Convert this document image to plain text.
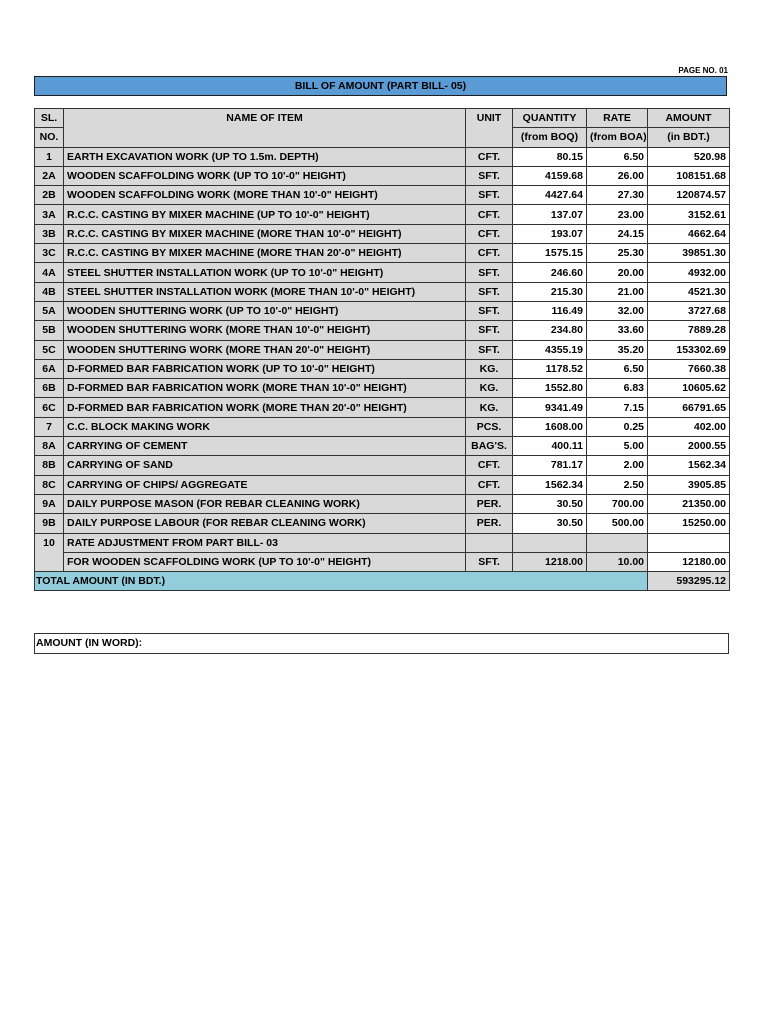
PAGE NO. 01
BILL OF AMOUNT (PART BILL- 05)
SL.	NAME OF ITEM	UNIT	QUANTITY	RATE	AMOUNT
NO.			(from BOQ)	(from BOA)	(in BDT.)
1	EARTH EXCAVATION WORK (UP TO 1.5m. DEPTH)	CFT.	80.15	6.50	520.98
2A	WOODEN SCAFFOLDING WORK (UP TO 10'-0" HEIGHT)	SFT.	4159.68	26.00	108151.68
2B	WOODEN SCAFFOLDING WORK (MORE THAN 10'-0" HEIGHT)	SFT.	4427.64	27.30	120874.57
3A	R.C.C. CASTING BY MIXER MACHINE (UP TO 10'-0" HEIGHT)	CFT.	137.07	23.00	3152.61
3B	R.C.C. CASTING BY MIXER MACHINE (MORE THAN 10'-0" HEIGHT)	CFT.	193.07	24.15	4662.64
3C	R.C.C. CASTING BY MIXER MACHINE (MORE THAN 20'-0" HEIGHT)	CFT.	1575.15	25.30	39851.30
4A	STEEL SHUTTER INSTALLATION WORK (UP TO 10'-0" HEIGHT)	SFT.	246.60	20.00	4932.00
4B	STEEL SHUTTER INSTALLATION WORK (MORE THAN 10'-0" HEIGHT)	SFT.	215.30	21.00	4521.30
5A	WOODEN SHUTTERING WORK (UP TO 10'-0" HEIGHT)	SFT.	116.49	32.00	3727.68
5B	WOODEN SHUTTERING WORK (MORE THAN 10'-0" HEIGHT)	SFT.	234.80	33.60	7889.28
5C	WOODEN SHUTTERING WORK (MORE THAN 20'-0" HEIGHT)	SFT.	4355.19	35.20	153302.69
6A	D-FORMED BAR FABRICATION WORK (UP TO 10'-0" HEIGHT)	KG.	1178.52	6.50	7660.38
6B	D-FORMED BAR FABRICATION WORK (MORE THAN 10'-0" HEIGHT)	KG.	1552.80	6.83	10605.62
6C	D-FORMED BAR FABRICATION WORK (MORE THAN 20'-0" HEIGHT)	KG.	9341.49	7.15	66791.65
7	C.C. BLOCK MAKING WORK	PCS.	1608.00	0.25	402.00
8A	CARRYING OF CEMENT	BAG'S.	400.11	5.00	2000.55
8B	CARRYING OF SAND	CFT.	781.17	2.00	1562.34
8C	CARRYING OF CHIPS/ AGGREGATE	CFT.	1562.34	2.50	3905.85
9A	DAILY PURPOSE MASON (FOR REBAR CLEANING WORK)	PER.	30.50	700.00	21350.00
9B	DAILY PURPOSE LABOUR (FOR REBAR CLEANING WORK)	PER.	30.50	500.00	15250.00
10	RATE ADJUSTMENT FROM PART BILL- 03				
	FOR WOODEN SCAFFOLDING WORK (UP TO 10'-0" HEIGHT)	SFT.	1218.00	10.00	12180.00
TOTAL AMOUNT (IN BDT.)					593295.12
AMOUNT (IN WORD):
